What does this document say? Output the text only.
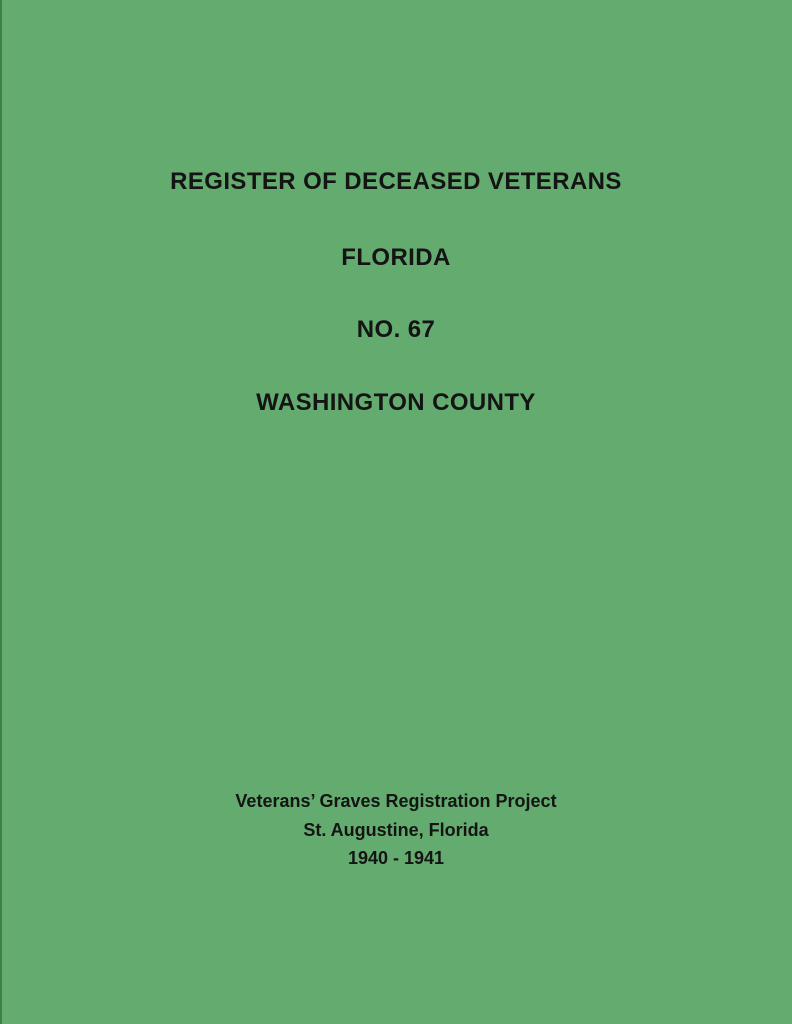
REGISTER OF DECEASED VETERANS
FLORIDA
NO. 67
WASHINGTON COUNTY
Veterans’ Graves Registration Project
St. Augustine, Florida
1940 - 1941
